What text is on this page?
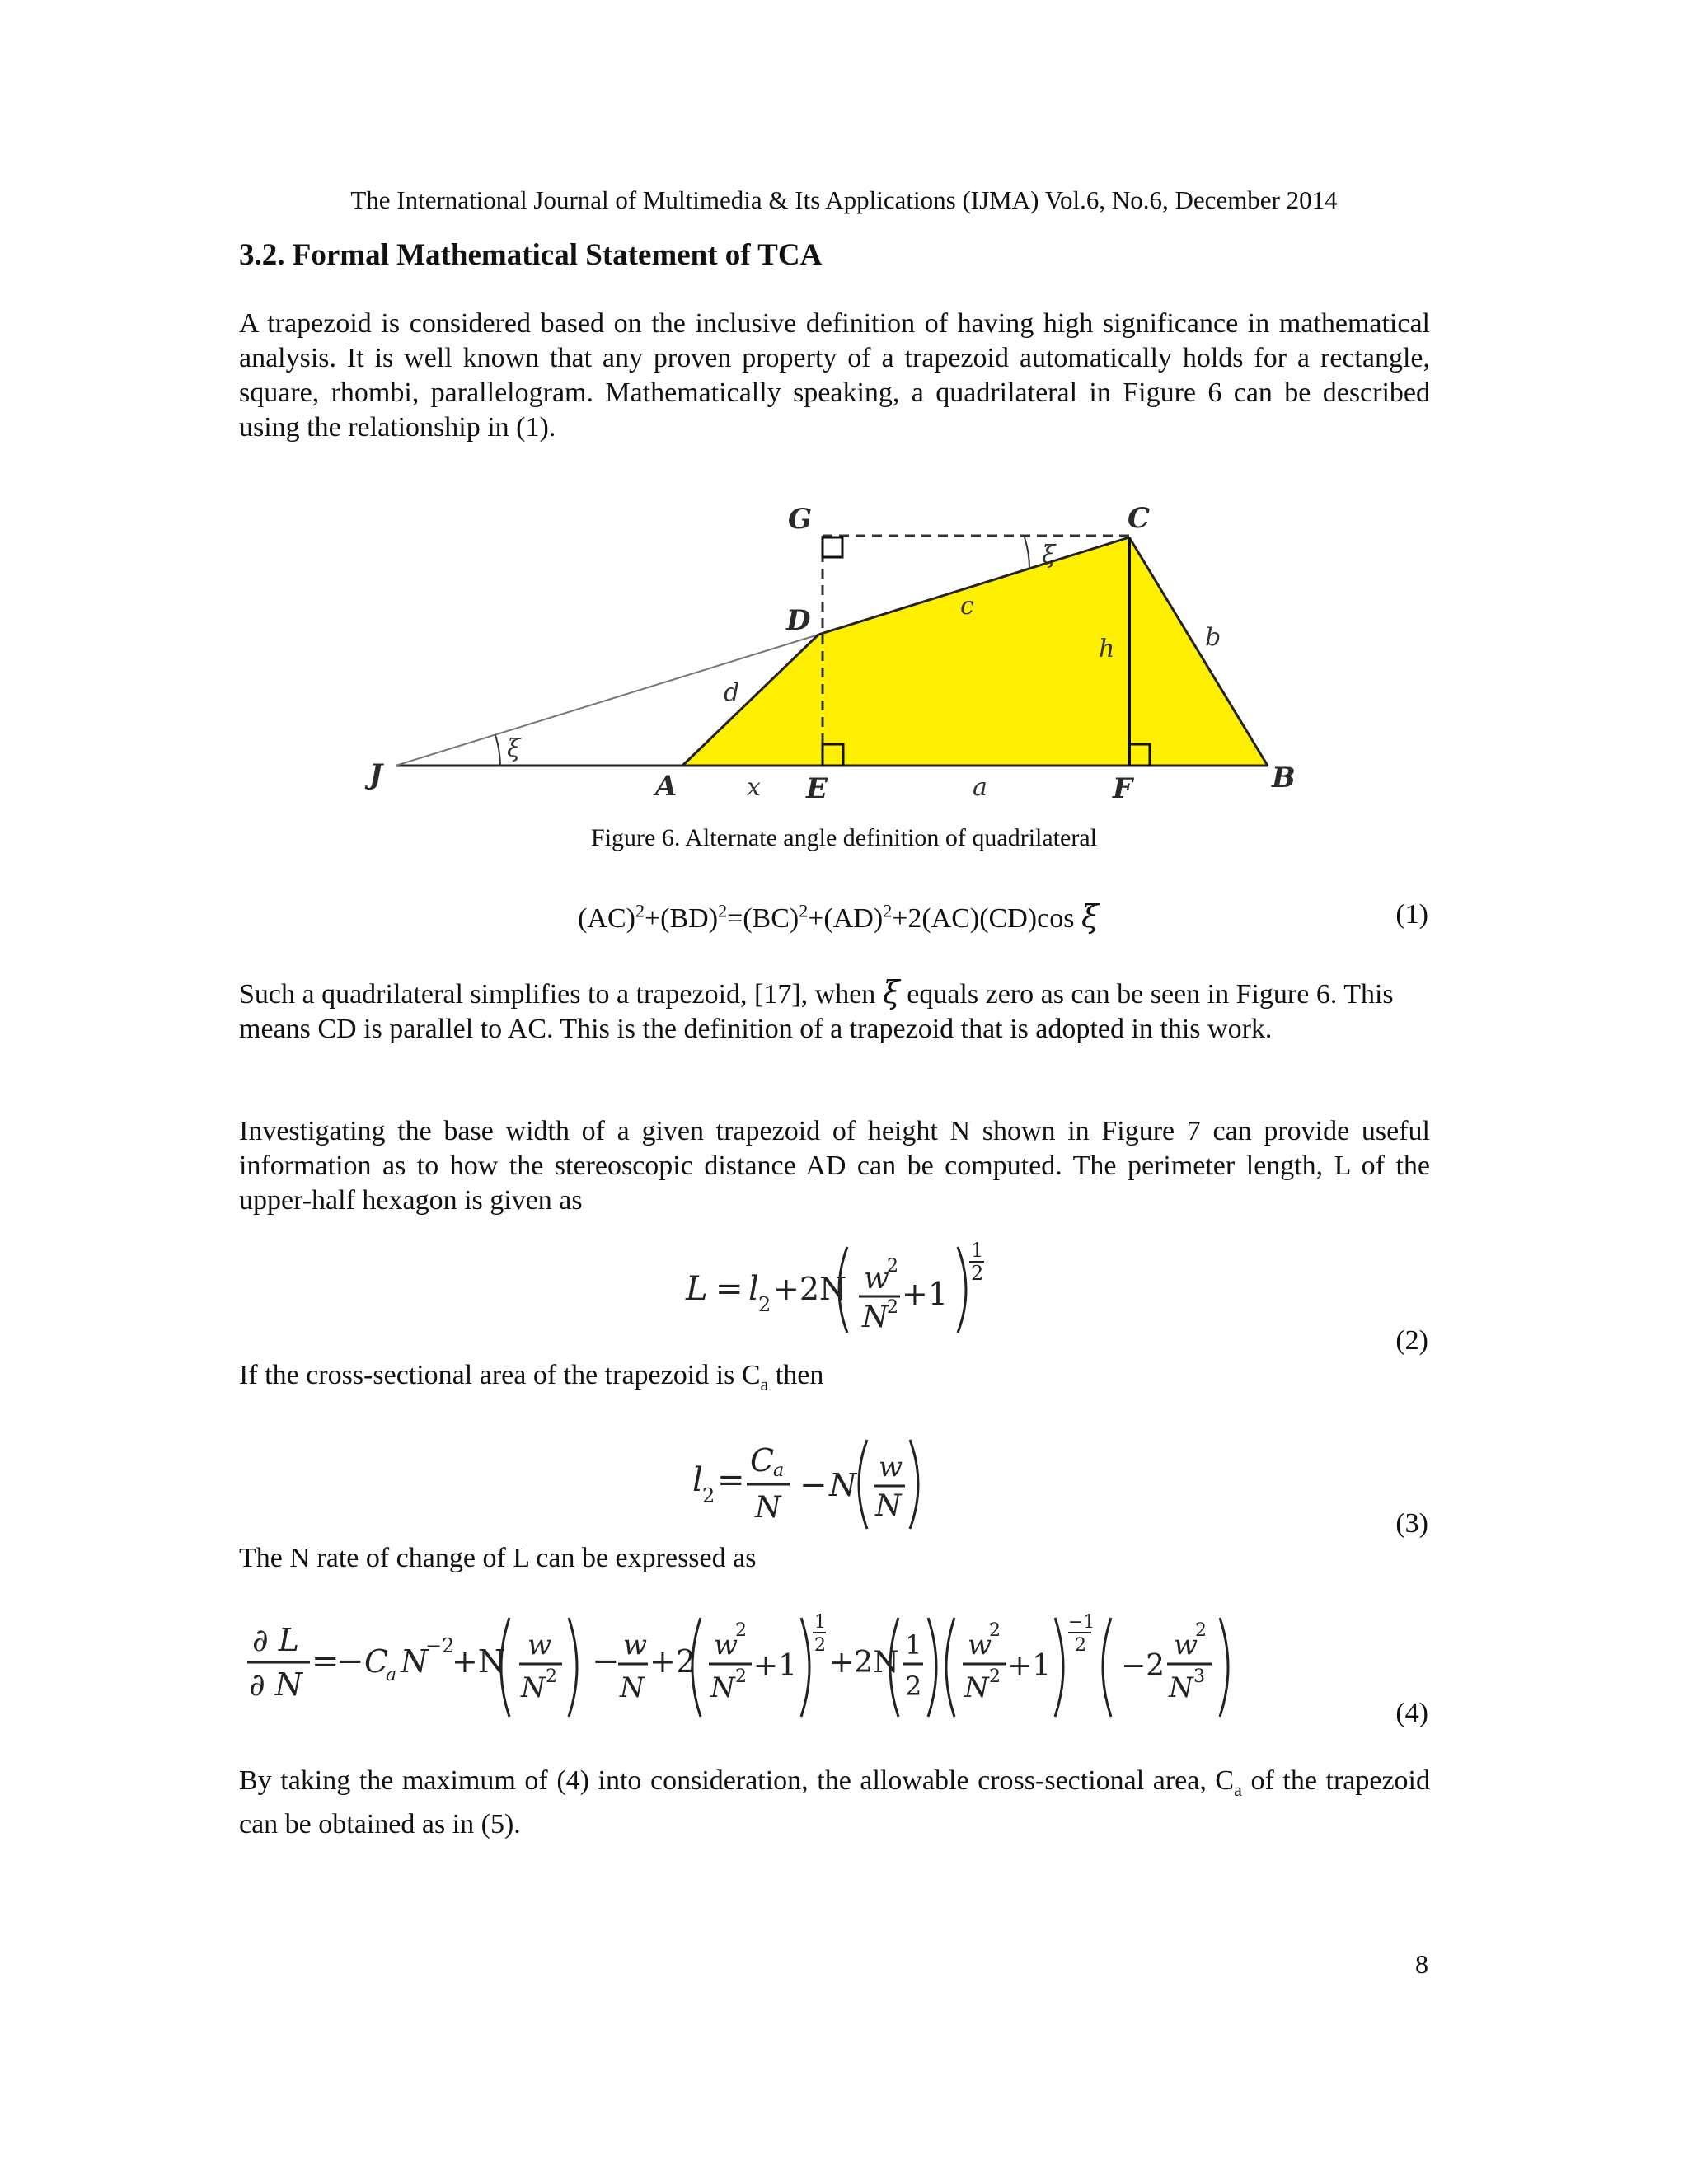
The International Journal of Multimedia & Its Applications (IJMA) Vol.6, No.6, December 2014
3.2. Formal Mathematical Statement of TCA
A trapezoid is considered based on the inclusive definition of having high significance in mathematical analysis. It is well known that any proven property of a trapezoid automatically holds for a rectangle, square, rhombi, parallelogram. Mathematically speaking, a quadrilateral in Figure 6 can be described using the relationship in (1).
G	C
D
J	A	E	F	B
c
b
h
d
x	a
ξ
ξ
Figure 6. Alternate angle definition of quadrilateral
(AC)$^2$+(BD)$^2$=(BC)$^2$+(AD)$^2$+2(AC)(CD)cos ξ	(1)
Such a quadrilateral simplifies to a trapezoid, [17], when ξ equals zero as can be seen in Figure 6. This means CD is parallel to AC. This is the definition of a trapezoid that is adopted in this work.
Investigating the base width of a given trapezoid of height N shown in Figure 7 can provide useful information as to how the stereoscopic distance AD can be computed. The perimeter length, L of the upper-half hexagon is given as
L = l 2 +2N w
2
N
2 +1
1
2
(2)
If the cross-sectional area of the trapezoid is $C_a$ then
l 2 =
C
a
N
− N w
N
(3)
The N rate of change of L can be expressed as
∂ L
∂ N
=
− C
a N
−2
+N w
N 2 − w
N
+2 w
2
N 2 +1
1
2
+2N
1
2
w
2
N 2 +1
−1
2
−2
w
2
N 3
(4)
By taking the maximum of (4) into consideration, the allowable cross-sectional area, $C_a$ of the trapezoid can be obtained as in (5).
8
